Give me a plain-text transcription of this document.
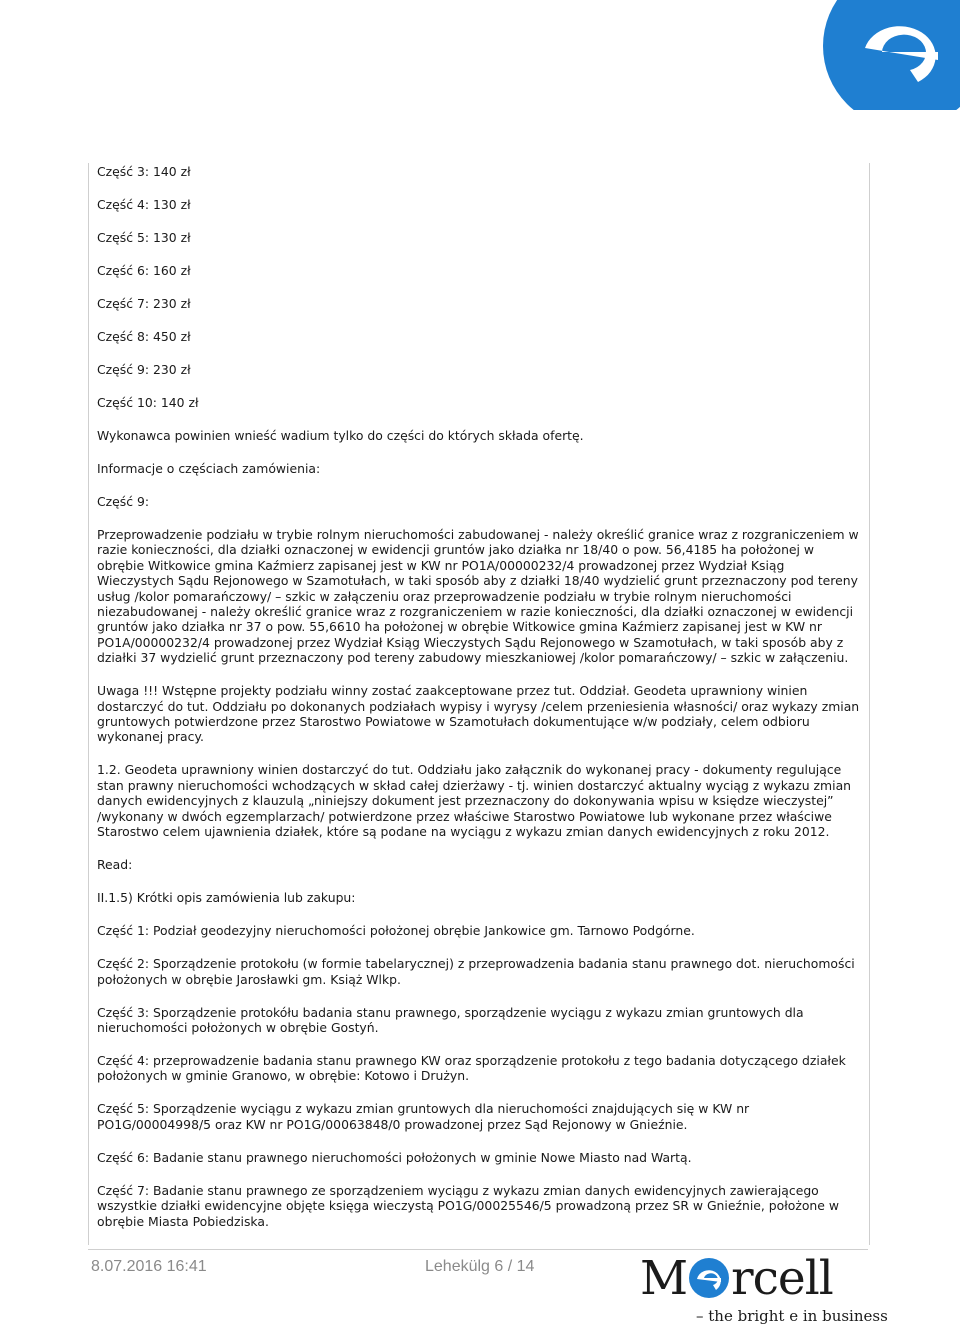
Część 3: 140 zł

Część 4: 130 zł

Część 5: 130 zł

Część 6: 160 zł

Część 7: 230 zł

Część 8: 450 zł

Część 9: 230 zł

Część 10: 140 zł

Wykonawca powinien wnieść wadium tylko do części do których składa ofertę.

Informacje o częściach zamówienia:

Część 9:

Przeprowadzenie podziału w trybie rolnym nieruchomości zabudowanej - należy określić granice wraz z rozgraniczeniem w razie konieczności, dla działki oznaczonej w ewidencji gruntów jako działka nr 18/40 o pow. 56,4185 ha położonej w obrębie Witkowice gmina Kaźmierz zapisanej jest w KW nr PO1A/00000232/4 prowadzonej przez Wydział Ksiąg Wieczystych Sądu Rejonowego w Szamotułach, w taki sposób aby z działki 18/40 wydzielić grunt przeznaczony pod tereny usług /kolor pomarańczowy/ – szkic w załączeniu oraz przeprowadzenie podziału w trybie rolnym nieruchomości niezabudowanej - należy określić granice wraz z rozgraniczeniem w razie konieczności, dla działki oznaczonej w ewidencji gruntów jako działka nr 37 o pow. 55,6610 ha położonej w obrębie Witkowice gmina Kaźmierz zapisanej jest w KW nr PO1A/00000232/4 prowadzonej przez Wydział Ksiąg Wieczystych Sądu Rejonowego w Szamotułach, w taki sposób aby z działki 37 wydzielić grunt przeznaczony pod tereny zabudowy mieszkaniowej /kolor pomarańczowy/ – szkic w załączeniu.

Uwaga !!! Wstępne projekty podziału winny zostać zaakceptowane przez tut. Oddział. Geodeta uprawniony winien dostarczyć do tut. Oddziału po dokonanych podziałach wypisy i wyrysy /celem przeniesienia własności/ oraz wykazy zmian gruntowych potwierdzone przez Starostwo Powiatowe w Szamotułach dokumentujące w/w podziały, celem odbioru wykonanej pracy.

1.2. Geodeta uprawniony winien dostarczyć do tut. Oddziału jako załącznik do wykonanej pracy - dokumenty regulujące stan prawny nieruchomości wchodzących w skład całej dzierżawy - tj. winien dostarczyć aktualny wyciąg z wykazu zmian danych ewidencyjnych z klauzulą „niniejszy dokument jest przeznaczony do dokonywania wpisu w księdze wieczystej” /wykonany w dwóch egzemplarzach/ potwierdzone przez właściwe Starostwo Powiatowe lub wykonane przez właściwe Starostwo celem ujawnienia działek, które są podane na wyciągu z wykazu zmian danych ewidencyjnych z roku 2012.

Read:

II.1.5) Krótki opis zamówienia lub zakupu:

Część 1: Podział geodezyjny nieruchomości położonej obrębie Jankowice gm. Tarnowo Podgórne.

Część 2: Sporządzenie protokołu (w formie tabelarycznej) z przeprowadzenia badania stanu prawnego dot. nieruchomości położonych w obrębie Jarosławki gm. Książ Wlkp.

Część 3: Sporządzenie protokółu badania stanu prawnego, sporządzenie wyciągu z wykazu zmian gruntowych dla nieruchomości położonych w obrębie Gostyń.

Część 4: przeprowadzenie badania stanu prawnego KW oraz sporządzenie protokołu z tego badania dotyczącego działek położonych w gminie Granowo, w obrębie: Kotowo i Drużyn.

Część 5: Sporządzenie wyciągu z wykazu zmian gruntowych dla nieruchomości znajdujących się w KW nr PO1G/00004998/5 oraz KW nr PO1G/00063848/0 prowadzonej przez Sąd Rejonowy w Gnieźnie.

Część 6: Badanie stanu prawnego nieruchomości położonych w gminie Nowe Miasto nad Wartą.

Część 7: Badanie stanu prawnego ze sporządzeniem wyciągu z wykazu zmian danych ewidencyjnych zawierającego wszystkie działki ewidencyjne objęte księga wieczystą PO1G/00025546/5 prowadzoną przez SR w Gnieźnie, położone w obrębie Miasta Pobiedziska.

8.07.2016 16:41	Lehekülg 6 / 14 M rcell
– the bright e in business
